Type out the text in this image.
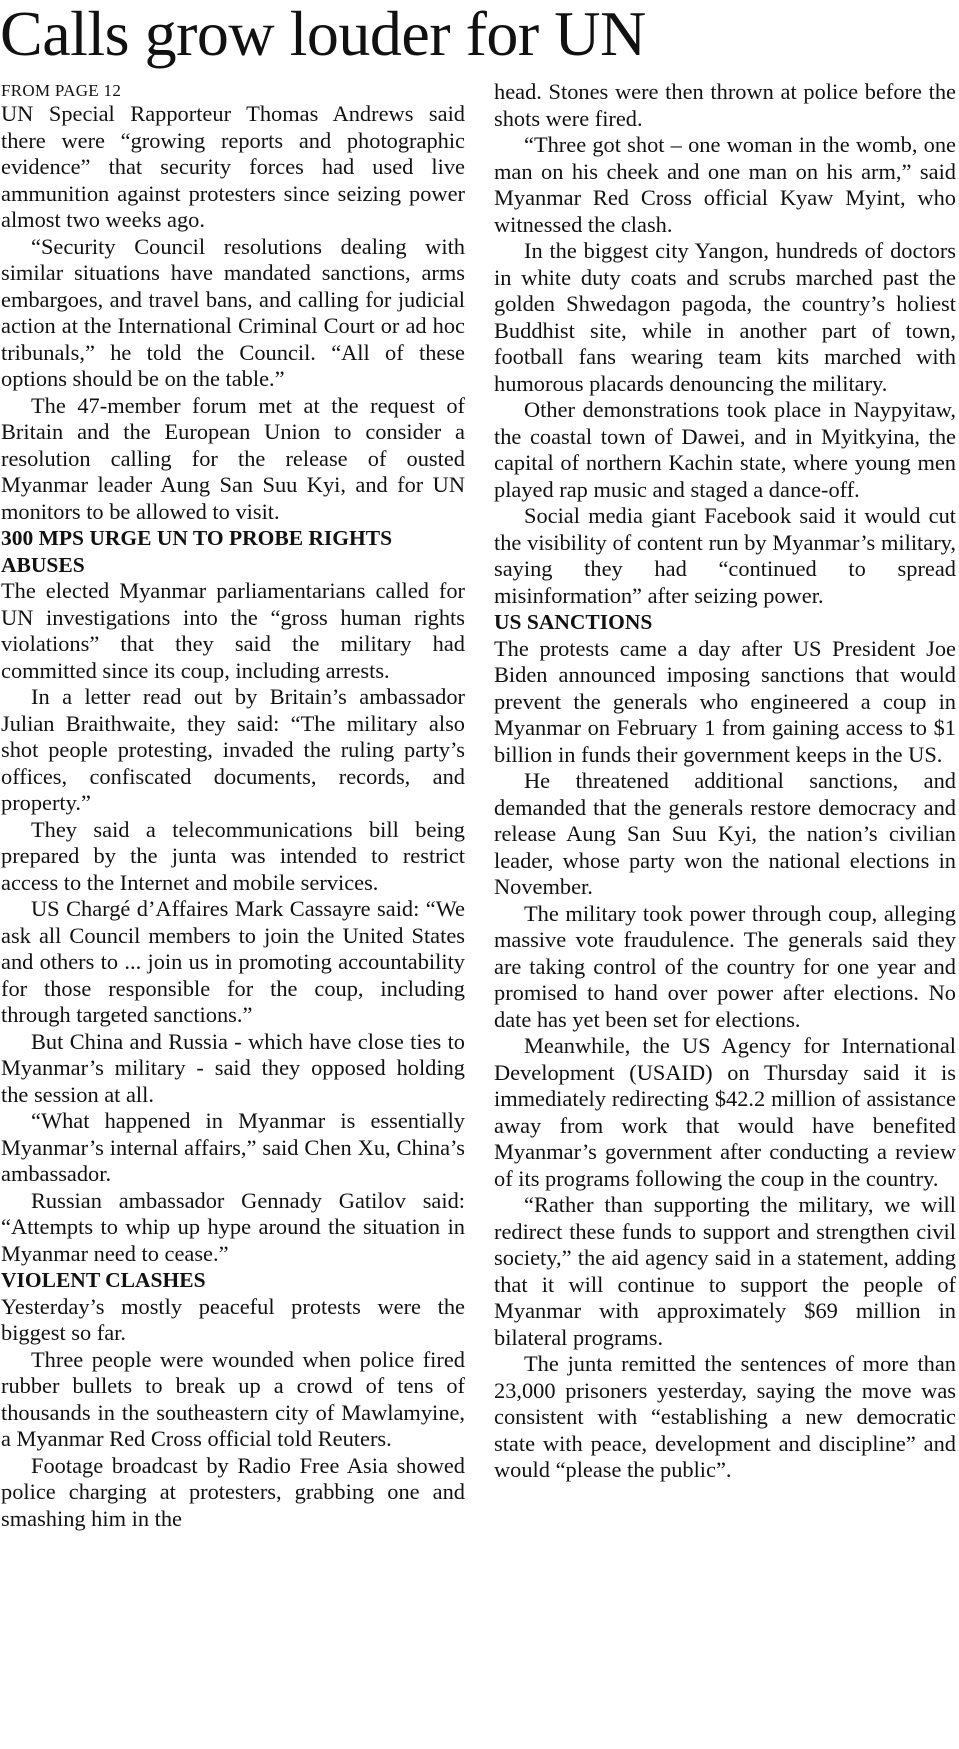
Calls grow louder for UN
FROM PAGE 12

UN Special Rapporteur Thomas Andrews said there were “growing reports and photographic evidence” that security forces had used live ammunition against protesters since seizing power almost two weeks ago.

“Security Council resolutions dealing with similar situations have mandated sanctions, arms embargoes, and travel bans, and calling for judicial action at the International Criminal Court or ad hoc tribunals,” he told the Council. “All of these options should be on the table.”

The 47-member forum met at the request of Britain and the European Union to consider a resolution calling for the release of ousted Myanmar leader Aung San Suu Kyi, and for UN monitors to be allowed to visit.

300 MPS URGE UN TO PROBE RIGHTS ABUSES

The elected Myanmar parliamentarians called for UN investigations into the “gross human rights violations” that they said the military had committed since its coup, including arrests.

In a letter read out by Britain’s ambassador Julian Braithwaite, they said: “The military also shot people protesting, invaded the ruling party’s offices, confiscated documents, records, and property.”

They said a telecommunications bill being prepared by the junta was intended to restrict access to the Internet and mobile services.

US Chargé d’Affaires Mark Cassayre said: “We ask all Council members to join the United States and others to ... join us in promoting accountability for those responsible for the coup, including through targeted sanctions.”

But China and Russia - which have close ties to Myanmar’s military - said they opposed holding the session at all.

“What happened in Myanmar is essentially Myanmar’s internal affairs,” said Chen Xu, China’s ambassador.

Russian ambassador Gennady Gatilov said: “Attempts to whip up hype around the situation in Myanmar need to cease.”

VIOLENT CLASHES

Yesterday’s mostly peaceful protests were the biggest so far.

Three people were wounded when police fired rubber bullets to break up a crowd of tens of thousands in the southeastern city of Mawlamyine, a Myanmar Red Cross official told Reuters.

Footage broadcast by Radio Free Asia showed police charging at protesters, grabbing one and smashing him in the

head. Stones were then thrown at police before the shots were fired.

“Three got shot – one woman in the womb, one man on his cheek and one man on his arm,” said Myanmar Red Cross official Kyaw Myint, who witnessed the clash.

In the biggest city Yangon, hundreds of doctors in white duty coats and scrubs marched past the golden Shwedagon pagoda, the country’s holiest Buddhist site, while in another part of town, football fans wearing team kits marched with humorous placards denouncing the military.

Other demonstrations took place in Naypyitaw, the coastal town of Dawei, and in Myitkyina, the capital of northern Kachin state, where young men played rap music and staged a dance-off.

Social media giant Facebook said it would cut the visibility of content run by Myanmar’s military, saying they had “continued to spread misinformation” after seizing power.

US SANCTIONS

The protests came a day after US President Joe Biden announced imposing sanctions that would prevent the generals who engineered a coup in Myanmar on February 1 from gaining access to $1 billion in funds their government keeps in the US.

He threatened additional sanctions, and demanded that the generals restore democracy and release Aung San Suu Kyi, the nation’s civilian leader, whose party won the national elections in November.

The military took power through coup, alleging massive vote fraudulence. The generals said they are taking control of the country for one year and promised to hand over power after elections. No date has yet been set for elections.

Meanwhile, the US Agency for International Development (USAID) on Thursday said it is immediately redirecting $42.2 million of assistance away from work that would have benefited Myanmar’s government after conducting a review of its programs following the coup in the country.

“Rather than supporting the military, we will redirect these funds to support and strengthen civil society,” the aid agency said in a statement, adding that it will continue to support the people of Myanmar with approximately $69 million in bilateral programs.

The junta remitted the sentences of more than 23,000 prisoners yesterday, saying the move was consistent with “establishing a new democratic state with peace, development and discipline” and would “please the public”.
